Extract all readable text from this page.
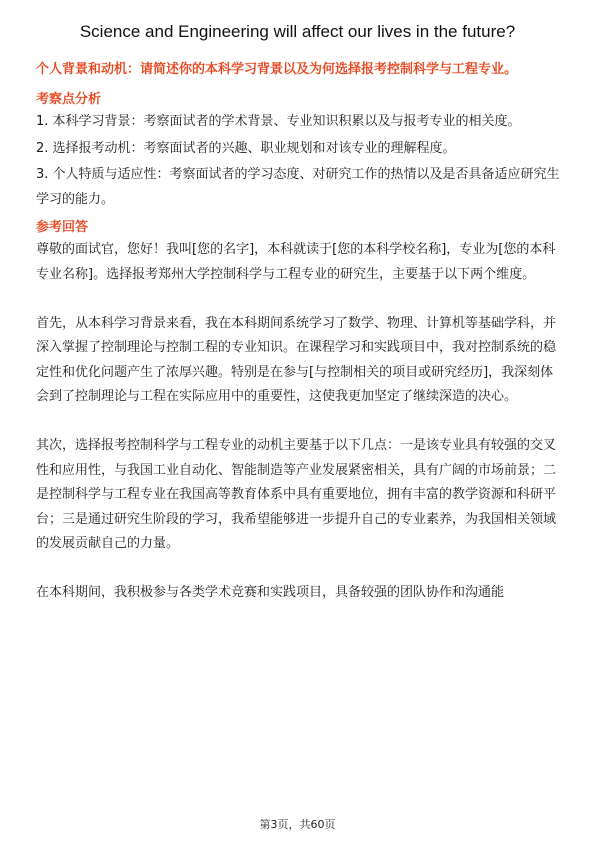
Science and Engineering will affect our lives in the future?

个人背景和动机：请简述你的本科学习背景以及为何选择报考控制科学与工程专业。

考察点分析

1. 本科学习背景：考察面试者的学术背景、专业知识积累以及与报考专业的相关度。
2. 选择报考动机：考察面试者的兴趣、职业规划和对该专业的理解程度。
3. 个人特质与适应性：考察面试者的学习态度、对研究工作的热情以及是否具备适应研究生学习的能力。

参考回答

尊敬的面试官，您好！我叫[您的名字]，本科就读于[您的本科学校名称]，专业为[您的本科专业名称]。选择报考郑州大学控制科学与工程专业的研究生，主要基于以下两个维度。

首先，从本科学习背景来看，我在本科期间系统学习了数学、物理、计算机等基础学科，并深入掌握了控制理论与控制工程的专业知识。在课程学习和实践项目中，我对控制系统的稳定性和优化问题产生了浓厚兴趣。特别是在参与[与控制相关的项目或研究经历]，我深刻体会到了控制理论与工程在实际应用中的重要性，这使我更加坚定了继续深造的决心。

其次，选择报考控制科学与工程专业的动机主要基于以下几点：一是该专业具有较强的交叉性和应用性，与我国工业自动化、智能制造等产业发展紧密相关，具有广阔的市场前景；二是控制科学与工程专业在我国高等教育体系中具有重要地位，拥有丰富的教学资源和科研平台；三是通过研究生阶段的学习，我希望能够进一步提升自己的专业素养，为我国相关领域的发展贡献自己的力量。

在本科期间，我积极参与各类学术竞赛和实践项目，具备较强的团队协作和沟通能

第3页，共60页
